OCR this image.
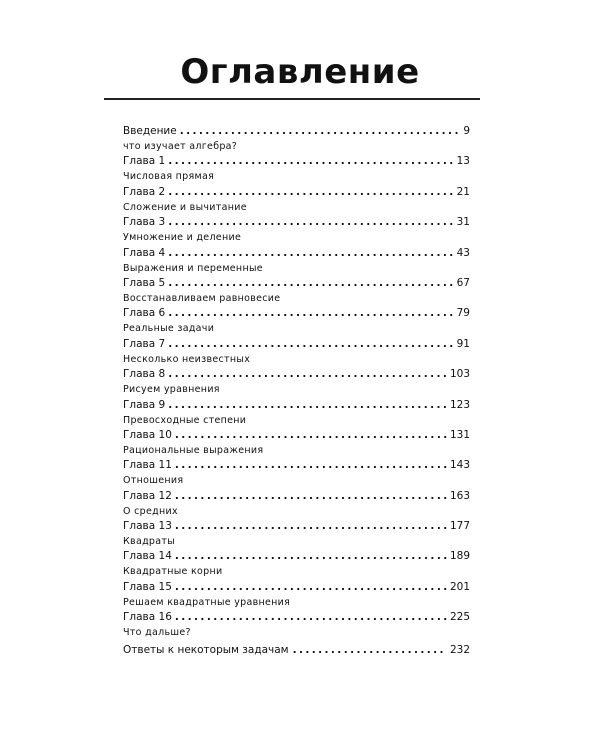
Оглавление
Введение .....	9
что изучает алгебра?
Глава 1 .....	13
Числовая прямая
Глава 2 .....	21
Сложение и вычитание
Глава 3 .....	31
Умножение и деление
Глава 4 .....	43
Выражения и переменные
Глава 5 .....	67
Восстанавливаем равновесие
Глава 6 .....	79
Реальные задачи
Глава 7 .....	91
Несколько неизвестных
Глава 8 .....	103
Рисуем уравнения
Глава 9 .....	123
Превосходные степени
Глава 10 .....	131
Рациональные выражения
Глава 11 .....	143
Отношения
Глава 12 .....	163
О средних
Глава 13 .....	177
Квадраты
Глава 14 .....	189
Квадратные корни
Глава 15 .....	201
Решаем квадратные уравнения
Глава 16 .....	225
Что дальше?
Ответы к некоторым задачам .....	232
